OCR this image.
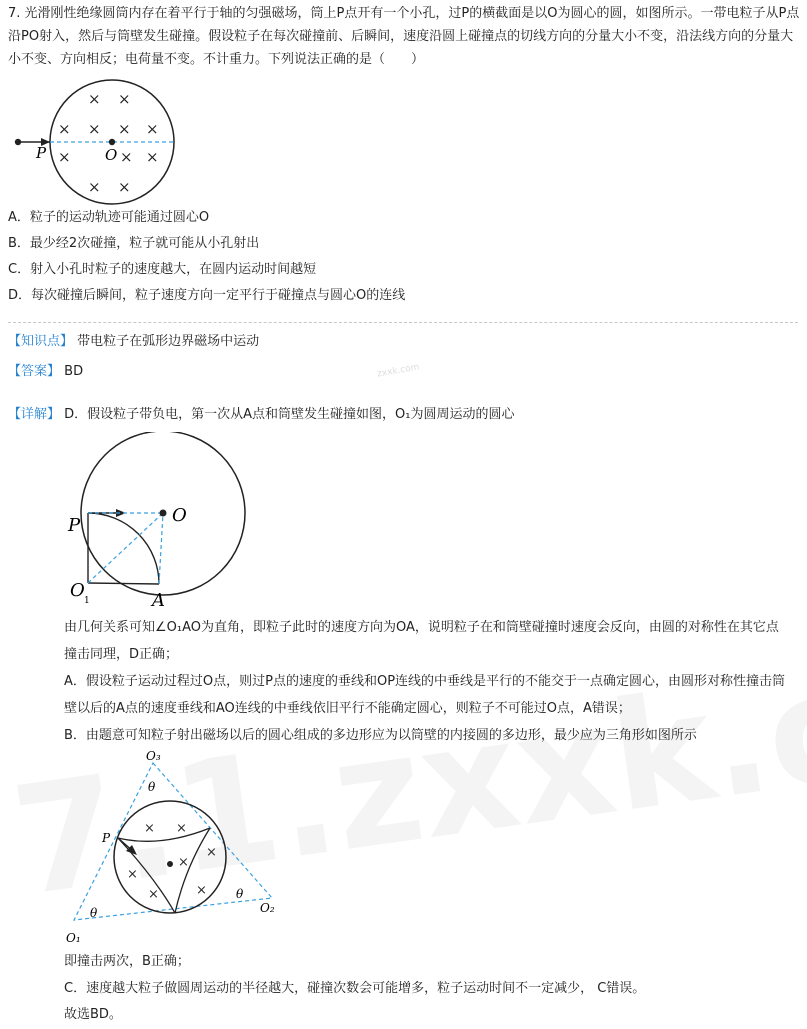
zxxk.com
7. 光滑刚性绝缘圆筒内存在着平行于轴的匀强磁场，筒上P点开有一个小孔，过P的横截面是以O为圆心的圆，如图所示。一带电粒子从P点
沿PO射入，然后与筒壁发生碰撞。假设粒子在每次碰撞前、后瞬间，速度沿圆上碰撞点的切线方向的分量大小不变，沿法线方向的分量大
小不变、方向相反；电荷量不变。不计重力。下列说法正确的是（　　）
P	O
× ×
× × × ×
×	× ×
× ×
A．粒子的运动轨迹可能通过圆心O
B．最少经2次碰撞，粒子就可能从小孔射出
C．射入小孔时粒子的速度越大，在圆内运动时间越短
D．每次碰撞后瞬间，粒子速度方向一定平行于碰撞点与圆心O的连线
【知识点】 带电粒子在弧形边界磁场中运动
【答案】 BD
【详解】 D．假设粒子带负电，第一次从A点和筒壁发生碰撞如图，O₁为圆周运动的圆心
P	O
O 1	A
由几何关系可知∠O₁AO为直角，即粒子此时的速度方向为OA，说明粒子在和筒壁碰撞时速度会反向，由圆的对称性在其它点
撞击同理，D正确；
A．假设粒子运动过程过O点，则过P点的速度的垂线和OP连线的中垂线是平行的不能交于一点确定圆心，由圆形对称性撞击筒
壁以后的A点的速度垂线和AO连线的中垂线依旧平行不能确定圆心，则粒子不可能过O点，A错误；
B．由题意可知粒子射出磁场以后的圆心组成的多边形应为以筒壁的内接圆的多边形，最少应为三角形如图所示
× ×
×
×
×	×
×
O₃
O₂
O₁
P
θ
θ
θ
即撞击两次，B正确；
C．速度越大粒子做圆周运动的半径越大，碰撞次数会可能增多，粒子运动时间不一定减少， C错误。
故选BD。
